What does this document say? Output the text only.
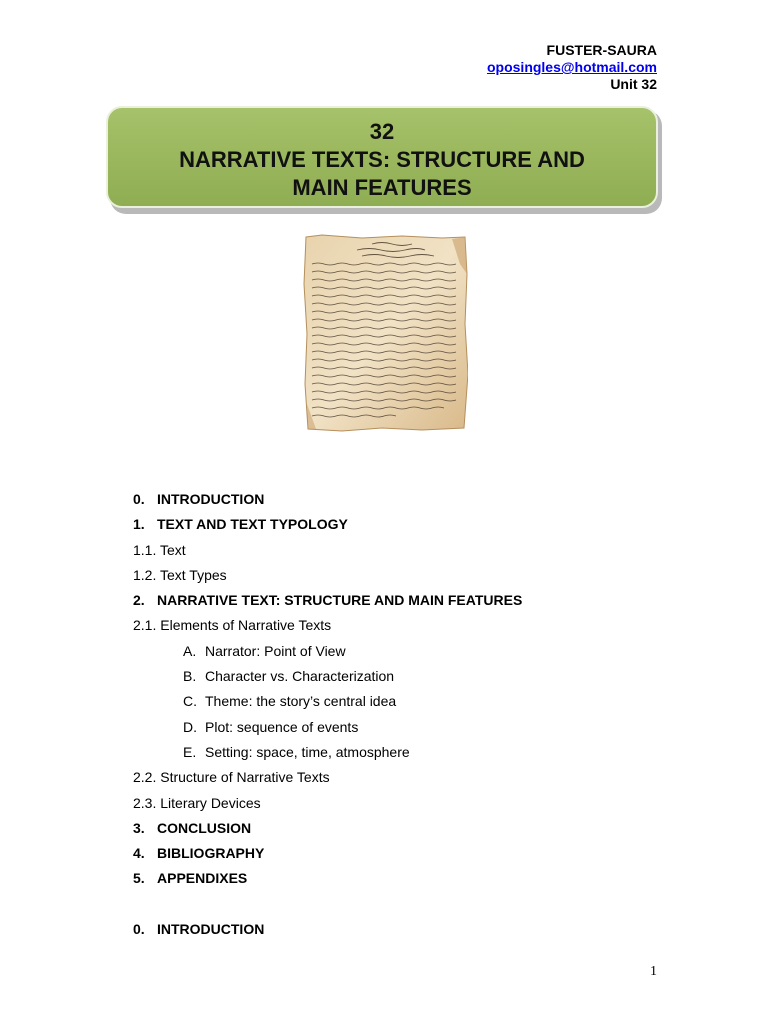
FUSTER-SAURA
oposingles@hotmail.com
Unit 32
32
NARRATIVE TEXTS: STRUCTURE AND
MAIN FEATURES
0. INTRODUCTION
1. TEXT AND TEXT TYPOLOGY
1.1. Text
1.2. Text Types
2. NARRATIVE TEXT: STRUCTURE AND MAIN FEATURES
2.1. Elements of Narrative Texts
A. Narrator: Point of View
B. Character vs. Characterization
C. Theme: the story’s central idea
D. Plot: sequence of events
E. Setting: space, time, atmosphere
2.2. Structure of Narrative Texts
2.3. Literary Devices
3. CONCLUSION
4. BIBLIOGRAPHY
5. APPENDIXES
0. INTRODUCTION
1
